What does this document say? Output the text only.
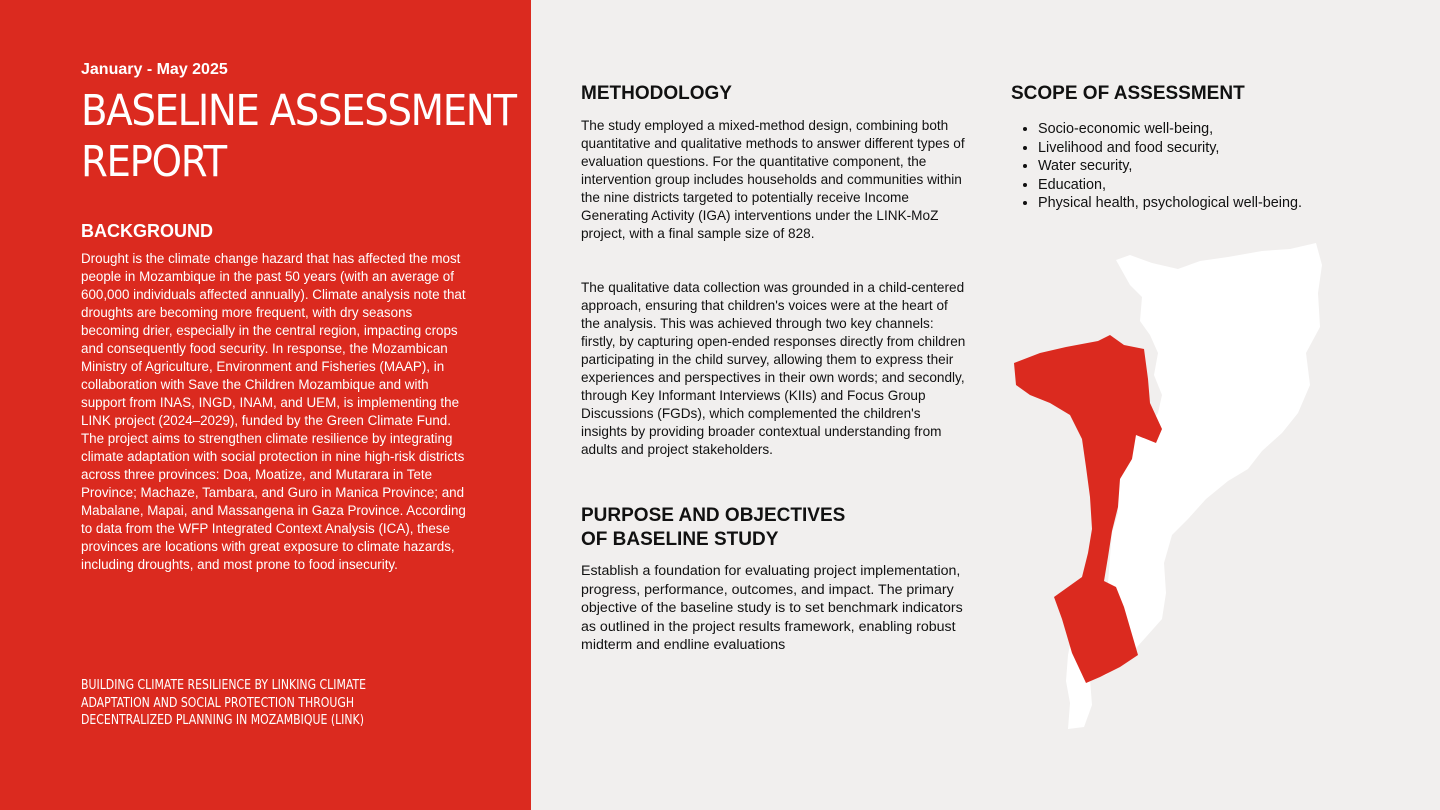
January - May 2025
BASELINE ASSESSMENT
REPORT
BACKGROUND
Drought is the climate change hazard that has affected the most people in Mozambique in the past 50 years (with an average of 600,000 individuals affected annually). Climate analysis note that droughts are becoming more frequent, with dry seasons becoming drier, especially in the central region, impacting crops and consequently food security. In response, the Mozambican Ministry of Agriculture, Environment and Fisheries (MAAP), in collaboration with Save the Children Mozambique and with support from INAS, INGD, INAM, and UEM, is implementing the LINK project (2024–2029), funded by the Green Climate Fund. The project aims to strengthen climate resilience by integrating climate adaptation with social protection in nine high-risk districts across three provinces: Doa, Moatize, and Mutarara in Tete Province; Machaze, Tambara, and Guro in Manica Province; and Mabalane, Mapai, and Massangena in Gaza Province. According to data from the WFP Integrated Context Analysis (ICA), these provinces are locations with great exposure to climate hazards, including droughts, and most prone to food insecurity.
BUILDING CLIMATE RESILIENCE BY LINKING CLIMATE
ADAPTATION AND SOCIAL PROTECTION THROUGH
DECENTRALIZED PLANNING IN MOZAMBIQUE (LINK)
METHODOLOGY
The study employed a mixed-method design, combining both quantitative and qualitative methods to answer different types of evaluation questions. For the quantitative component, the intervention group includes households and communities within the nine districts targeted to potentially receive Income Generating Activity (IGA) interventions under the LINK-MoZ project, with a final sample size of 828.
The qualitative data collection was grounded in a child-centered approach, ensuring that children's voices were at the heart of the analysis. This was achieved through two key channels: firstly, by capturing open-ended responses directly from children participating in the child survey, allowing them to express their experiences and perspectives in their own words; and secondly, through Key Informant Interviews (KIIs) and Focus Group Discussions (FGDs), which complemented the children's insights by providing broader contextual understanding from adults and project stakeholders.
PURPOSE AND OBJECTIVES
OF BASELINE STUDY
Establish a foundation for evaluating project implementation, progress, performance, outcomes, and impact. The primary objective of the baseline study is to set benchmark indicators as outlined in the project results framework, enabling robust midterm and endline evaluations
SCOPE OF ASSESSMENT
• Socio-economic well-being,
• Livelihood and food security,
• Water security,
• Education,
• Physical health, psychological well-being.
